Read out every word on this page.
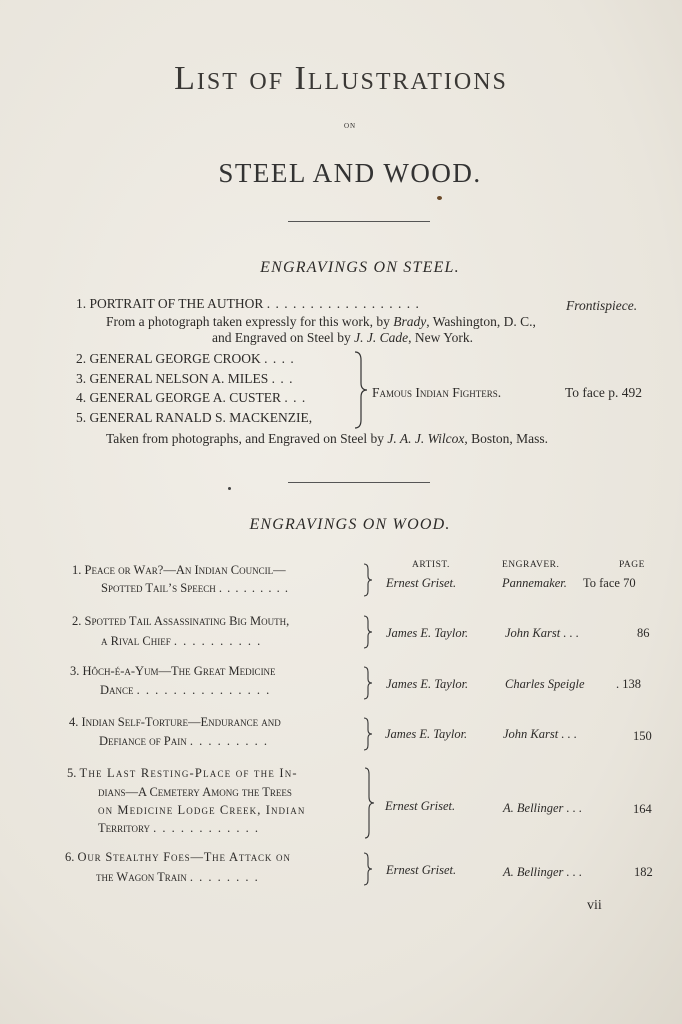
List of Illustrations
on
STEEL AND WOOD.
ENGRAVINGS ON STEEL.
1. PORTRAIT OF THE AUTHOR . . . . . . . . . . . . . . . . . .	Frontispiece.
From a photograph taken expressly for this work, by Brady, Washington, D. C.,
and Engraved on Steel by J. J. Cade, New York.
2. GENERAL GEORGE CROOK . . . .
3. GENERAL NELSON A. MILES . . .
4. GENERAL GEORGE A. CUSTER . . .
5. GENERAL RANALD S. MACKENZIE,
Famous Indian Fighters.	To face p. 492
Taken from photographs, and Engraved on Steel by J. A. J. Wilcox, Boston, Mass.
ENGRAVINGS ON WOOD.
ARTIST.	ENGRAVER.	PAGE
1. Peace or War?—An Indian Council—
Spotted Tail’s Speech . . . . . . . . .	Ernest Griset.	Pannemaker. To face 70
2. Spotted Tail Assassinating Big Mouth,
a Rival Chief . . . . . . . . . .
James E. Taylor.	John Karst . . .	86
3. Hôch-é-a-Yum—The Great Medicine
Dance . . . . . . . . . . . . . . .	James E. Taylor.	Charles Speigle	. 138
4. Indian Self-Torture—Endurance and
Defiance of Pain . . . . . . . . .	James E. Taylor.	John Karst . . .	150
5. The Last Resting-Place of the In-
dians—A Cemetery Among the Trees
on Medicine Lodge Creek, Indian
Territory . . . . . . . . . . . .
Ernest Griset.	A. Bellinger . . .	164
6. Our Stealthy Foes—The Attack on
the Wagon Train . . . . . . . .	Ernest Griset.	A. Bellinger . . .	182
vii
